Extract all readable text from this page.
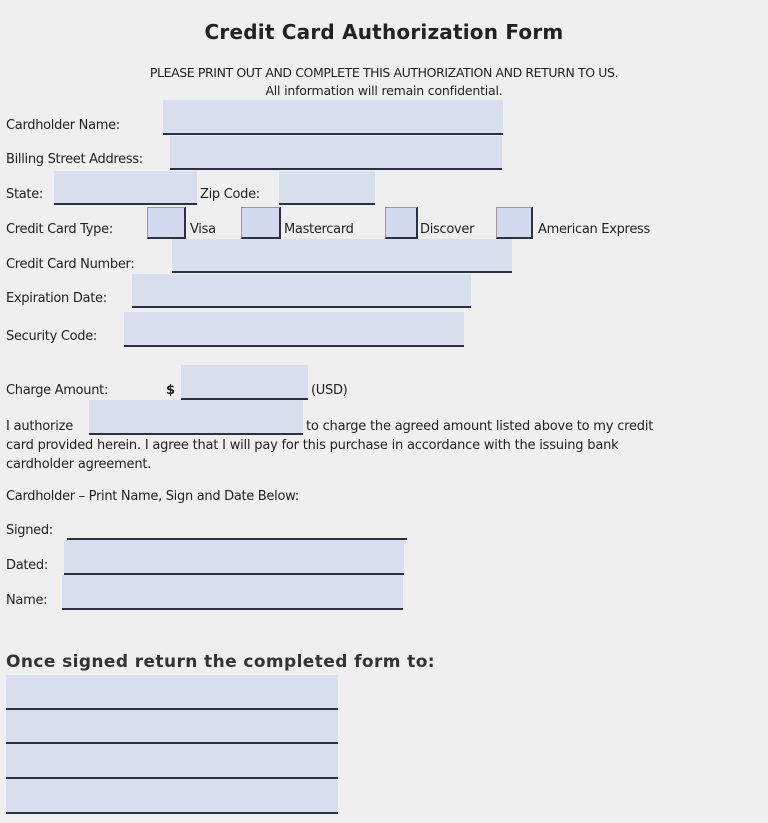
Credit Card Authorization Form
PLEASE PRINT OUT AND COMPLETE THIS AUTHORIZATION AND RETURN TO US.
All information will remain confidential.
Cardholder Name:
Billing Street Address:
State:	Zip Code:
Credit Card Type:	Visa	Mastercard	Discover	American Express
Credit Card Number:
Expiration Date:
Security Code:
Charge Amount:	$	(USD)
I authorize	to charge the agreed amount listed above to my credit
card provided herein. I agree that I will pay for this purchase in accordance with the issuing bank
cardholder agreement.
Cardholder – Print Name, Sign and Date Below:
Signed:
Dated:
Name:
Once signed return the completed form to:
